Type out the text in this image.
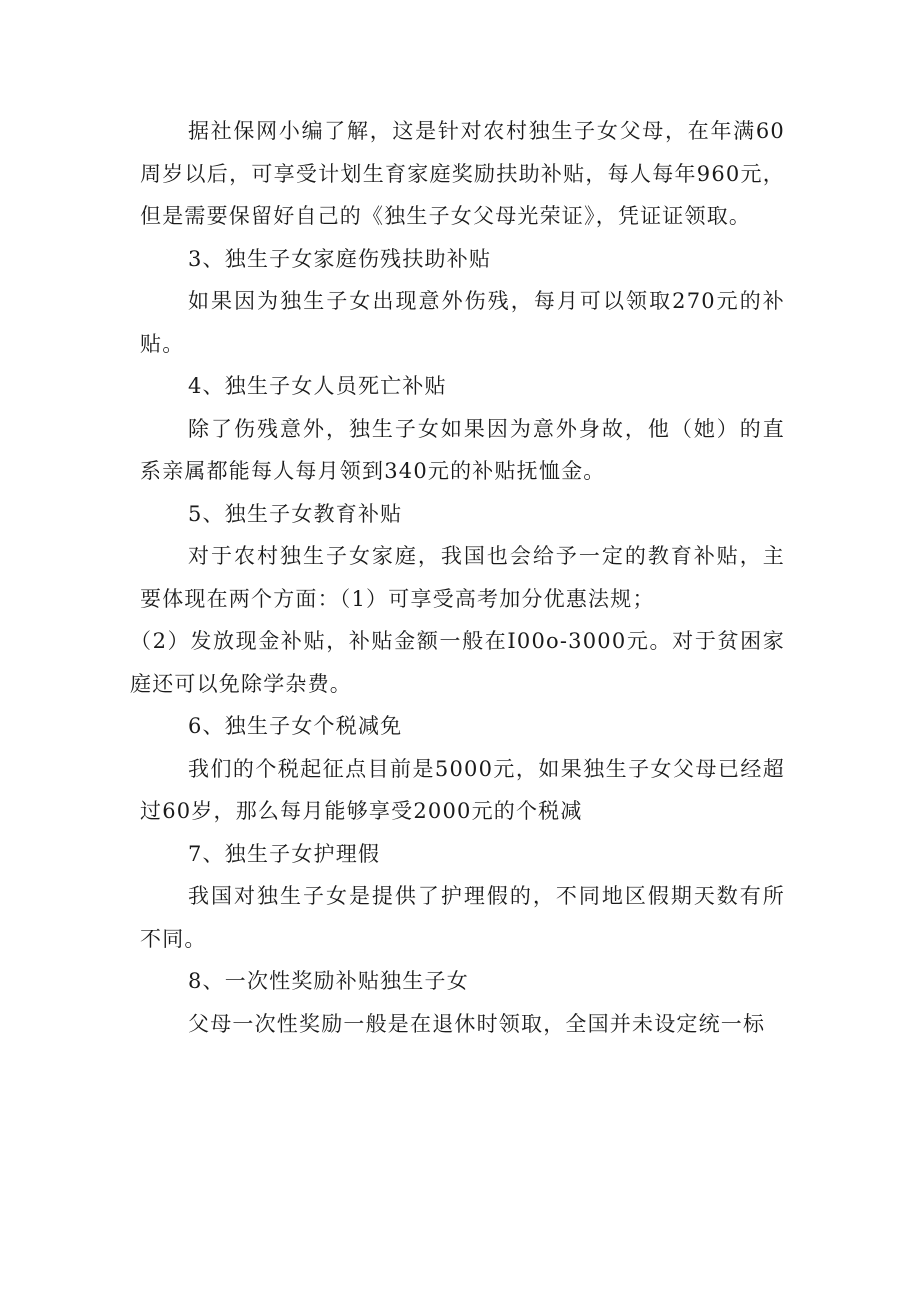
据社保网小编了解，这是针对农村独生子女父母，在年满60周岁以后，可享受计划生育家庭奖励扶助补贴，每人每年960元，但是需要保留好自己的《独生子女父母光荣证》，凭证证领取。

3、独生子女家庭伤残扶助补贴

如果因为独生子女出现意外伤残，每月可以领取270元的补贴。

4、独生子女人员死亡补贴

除了伤残意外，独生子女如果因为意外身故，他（她）的直系亲属都能每人每月领到340元的补贴抚恤金。

5、独生子女教育补贴

对于农村独生子女家庭，我国也会给予一定的教育补贴，主要体现在两个方面：（1）可享受高考加分优惠法规；

（2）发放现金补贴，补贴金额一般在I00o-3000元。对于贫困家庭还可以免除学杂费。

6、独生子女个税减免

我们的个税起征点目前是5000元，如果独生子女父母已经超过60岁，那么每月能够享受2000元的个税减

7、独生子女护理假

我国对独生子女是提供了护理假的，不同地区假期天数有所不同。

8、一次性奖励补贴独生子女

父母一次性奖励一般是在退休时领取，全国并未设定统一标
